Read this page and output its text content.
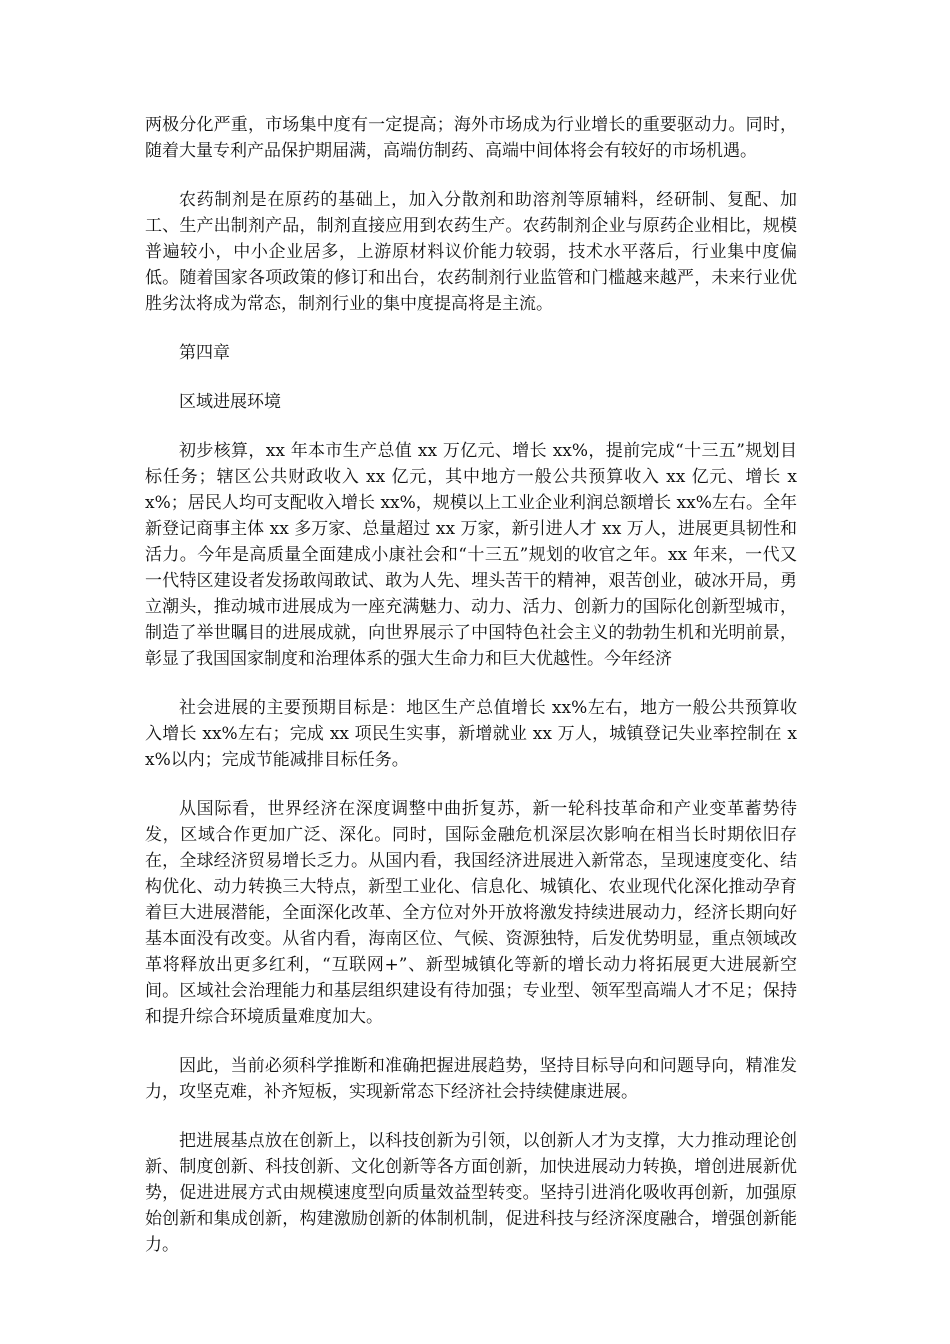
两极分化严重，市场集中度有一定提高；海外市场成为行业增长的重要驱动力。同时，随着大量专利产品保护期届满，高端仿制药、高端中间体将会有较好的市场机遇。

农药制剂是在原药的基础上，加入分散剂和助溶剂等原辅料，经研制、复配、加工、生产出制剂产品，制剂直接应用到农药生产。农药制剂企业与原药企业相比，规模普遍较小，中小企业居多，上游原材料议价能力较弱，技术水平落后，行业集中度偏低。随着国家各项政策的修订和出台，农药制剂行业监管和门槛越来越严，未来行业优胜劣汰将成为常态，制剂行业的集中度提高将是主流。

第四章

区域进展环境

初步核算，xx 年本市生产总值 xx 万亿元、增长 xx%，提前完成“十三五”规划目标任务；辖区公共财政收入 xx 亿元，其中地方一般公共预算收入 xx 亿元、增长 xx%；居民人均可支配收入增长 xx%，规模以上工业企业利润总额增长 xx%左右。全年新登记商事主体 xx 多万家、总量超过 xx 万家，新引进人才 xx 万人，进展更具韧性和活力。今年是高质量全面建成小康社会和“十三五”规划的收官之年。xx 年来，一代又一代特区建设者发扬敢闯敢试、敢为人先、埋头苦干的精神，艰苦创业，破冰开局，勇立潮头，推动城市进展成为一座充满魅力、动力、活力、创新力的国际化创新型城市，制造了举世瞩目的进展成就，向世界展示了中国特色社会主义的勃勃生机和光明前景，彰显了我国国家制度和治理体系的强大生命力和巨大优越性。今年经济

社会进展的主要预期目标是：地区生产总值增长 xx%左右，地方一般公共预算收入增长 xx%左右；完成 xx 项民生实事，新增就业 xx 万人，城镇登记失业率控制在 xx%以内；完成节能减排目标任务。

从国际看，世界经济在深度调整中曲折复苏，新一轮科技革命和产业变革蓄势待发，区域合作更加广泛、深化。同时，国际金融危机深层次影响在相当长时期依旧存在，全球经济贸易增长乏力。从国内看，我国经济进展进入新常态，呈现速度变化、结构优化、动力转换三大特点，新型工业化、信息化、城镇化、农业现代化深化推动孕育着巨大进展潜能，全面深化改革、全方位对外开放将激发持续进展动力，经济长期向好基本面没有改变。从省内看，海南区位、气候、资源独特，后发优势明显，重点领域改革将释放出更多红利，“互联网+”、新型城镇化等新的增长动力将拓展更大进展新空间。区域社会治理能力和基层组织建设有待加强；专业型、领军型高端人才不足；保持和提升综合环境质量难度加大。

因此，当前必须科学推断和准确把握进展趋势，坚持目标导向和问题导向，精准发力，攻坚克难，补齐短板，实现新常态下经济社会持续健康进展。

把进展基点放在创新上，以科技创新为引领，以创新人才为支撑，大力推动理论创新、制度创新、科技创新、文化创新等各方面创新，加快进展动力转换，增创进展新优势，促进进展方式由规模速度型向质量效益型转变。坚持引进消化吸收再创新，加强原始创新和集成创新，构建激励创新的体制机制，促进科技与经济深度融合，增强创新能力。
